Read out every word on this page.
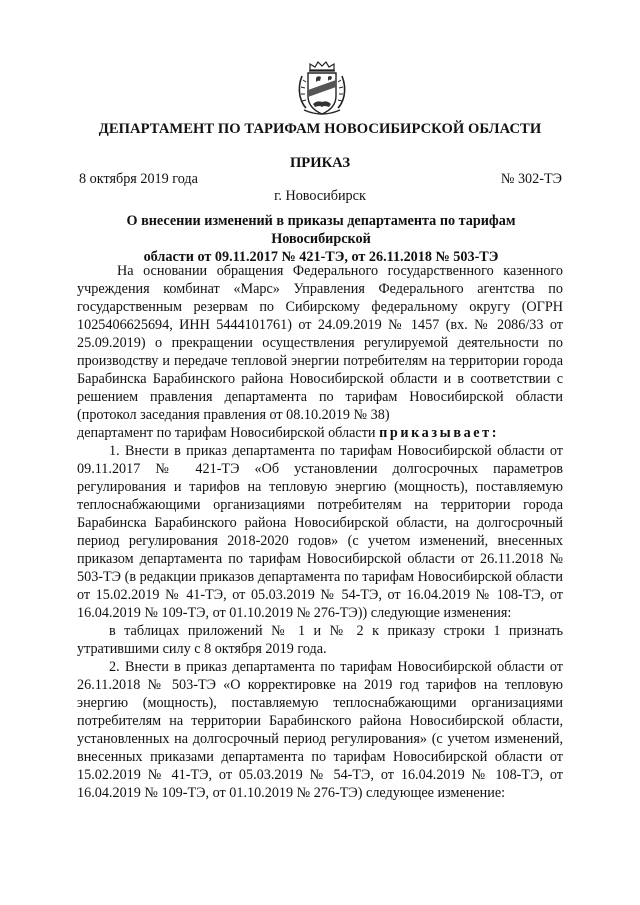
ДЕПАРТАМЕНТ ПО ТАРИФАМ НОВОСИБИРСКОЙ ОБЛАСТИ
ПРИКАЗ
8 октября 2019 года	№ 302-ТЭ
г. Новосибирск
О внесении изменений в приказы департамента по тарифам Новосибирской
области от 09.11.2017 № 421-ТЭ, от 26.11.2018 № 503-ТЭ

На основании обращения Федерального государственного казенного учреждения комбинат «Марс» Управления Федерального агентства по государственным резервам по Сибирскому федеральному округу (ОГРН 1025406625694, ИНН 5444101761) от 24.09.2019 № 1457 (вх. № 2086/33 от 25.09.2019) о прекращении осуществления регулируемой деятельности по производству и передаче тепловой энергии потребителям на территории города Барабинска Барабинского района Новосибирской области и в соответствии с решением правления департамента по тарифам Новосибирской области (протокол заседания правления от 08.10.2019 № 38)

департамент по тарифам Новосибирской области приказывает:

1. Внести в приказ департамента по тарифам Новосибирской области от 09.11.2017 № 421-ТЭ «Об установлении долгосрочных параметров регулирования и тарифов на тепловую энергию (мощность), поставляемую теплоснабжающими организациями потребителям на территории города Барабинска Барабинского района Новосибирской области, на долгосрочный период регулирования 2018-2020 годов» (с учетом изменений, внесенных приказом департамента по тарифам Новосибирской области от 26.11.2018 № 503-ТЭ (в редакции приказов департамента по тарифам Новосибирской области от 15.02.2019 № 41-ТЭ, от 05.03.2019 № 54-ТЭ, от 16.04.2019 № 108-ТЭ, от 16.04.2019 № 109-ТЭ, от 01.10.2019 № 276-ТЭ)) следующие изменения:

в таблицах приложений № 1 и № 2 к приказу строки 1 признать утратившими силу с 8 октября 2019 года.

2. Внести в приказ департамента по тарифам Новосибирской области от 26.11.2018 № 503-ТЭ «О корректировке на 2019 год тарифов на тепловую энергию (мощность), поставляемую теплоснабжающими организациями потребителям на территории Барабинского района Новосибирской области, установленных на долгосрочный период регулирования» (с учетом изменений, внесенных приказами департамента по тарифам Новосибирской области от 15.02.2019 № 41-ТЭ, от 05.03.2019 № 54-ТЭ, от 16.04.2019 № 108-ТЭ, от 16.04.2019 № 109-ТЭ, от 01.10.2019 № 276-ТЭ) следующее изменение:
